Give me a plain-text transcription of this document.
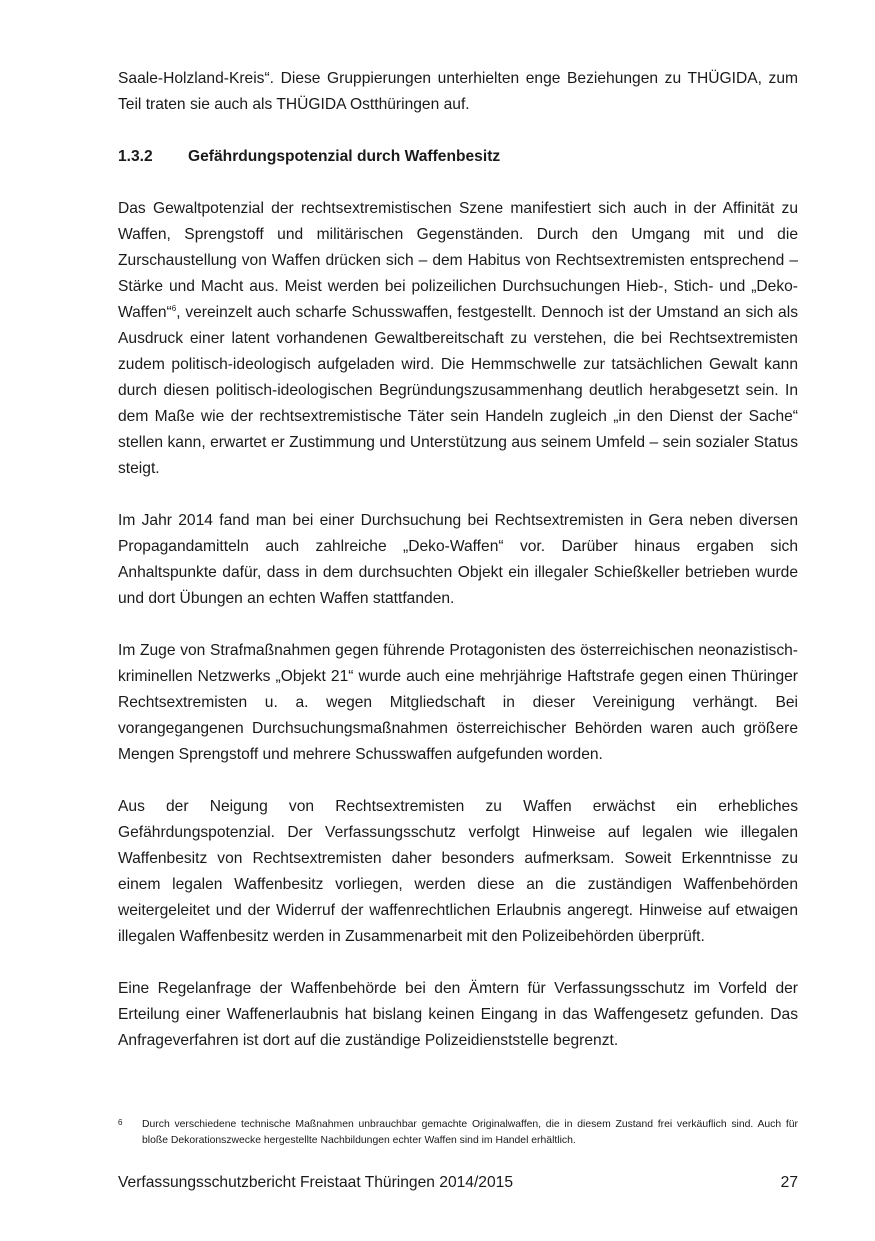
Saale-Holzland-Kreis“. Diese Gruppierungen unterhielten enge Beziehungen zu THÜGIDA, zum Teil traten sie auch als THÜGIDA Ostthüringen auf.

1.3.2 Gefährdungspotenzial durch Waffenbesitz

Das Gewaltpotenzial der rechtsextremistischen Szene manifestiert sich auch in der Affinität zu Waffen, Sprengstoff und militärischen Gegenständen. Durch den Umgang mit und die Zurschaustellung von Waffen drücken sich – dem Habitus von Rechtsextremisten entsprechend – Stärke und Macht aus. Meist werden bei polizeilichen Durchsuchungen Hieb-, Stich- und „Deko-Waffen“$^6$, vereinzelt auch scharfe Schusswaffen, festgestellt. Dennoch ist der Umstand an sich als Ausdruck einer latent vorhandenen Gewaltbereitschaft zu verstehen, die bei Rechtsextremisten zudem politisch-ideologisch aufgeladen wird. Die Hemmschwelle zur tatsächlichen Gewalt kann durch diesen politisch-ideologischen Begründungszusammenhang deutlich herabgesetzt sein. In dem Maße wie der rechtsextremistische Täter sein Handeln zugleich „in den Dienst der Sache“ stellen kann, erwartet er Zustimmung und Unterstützung aus seinem Umfeld – sein sozialer Status steigt.

Im Jahr 2014 fand man bei einer Durchsuchung bei Rechtsextremisten in Gera neben diversen Propagandamitteln auch zahlreiche „Deko-Waffen“ vor. Darüber hinaus ergaben sich Anhaltspunkte dafür, dass in dem durchsuchten Objekt ein illegaler Schießkeller betrieben wurde und dort Übungen an echten Waffen stattfanden.

Im Zuge von Strafmaßnahmen gegen führende Protagonisten des österreichischen neonazistisch-kriminellen Netzwerks „Objekt 21“ wurde auch eine mehrjährige Haftstrafe gegen einen Thüringer Rechtsextremisten u. a. wegen Mitgliedschaft in dieser Vereinigung verhängt. Bei vorangegangenen Durchsuchungsmaßnahmen österreichischer Behörden waren auch größere Mengen Sprengstoff und mehrere Schusswaffen aufgefunden worden.

Aus der Neigung von Rechtsextremisten zu Waffen erwächst ein erhebliches Gefährdungspotenzial. Der Verfassungsschutz verfolgt Hinweise auf legalen wie illegalen Waffenbesitz von Rechtsextremisten daher besonders aufmerksam. Soweit Erkenntnisse zu einem legalen Waffenbesitz vorliegen, werden diese an die zuständigen Waffenbehörden weitergeleitet und der Widerruf der waffenrechtlichen Erlaubnis angeregt. Hinweise auf etwaigen illegalen Waffenbesitz werden in Zusammenarbeit mit den Polizeibehörden überprüft.

Eine Regelanfrage der Waffenbehörde bei den Ämtern für Verfassungsschutz im Vorfeld der Erteilung einer Waffenerlaubnis hat bislang keinen Eingang in das Waffengesetz gefunden. Das Anfrageverfahren ist dort auf die zuständige Polizeidienststelle begrenzt.

6	Durch verschiedene technische Maßnahmen unbrauchbar gemachte Originalwaffen, die in diesem Zustand frei verkäuflich sind. Auch für bloße Dekorationszwecke hergestellte Nachbildungen echter Waffen sind im Handel erhältlich.
Verfassungsschutzbericht Freistaat Thüringen 2014/2015	27
